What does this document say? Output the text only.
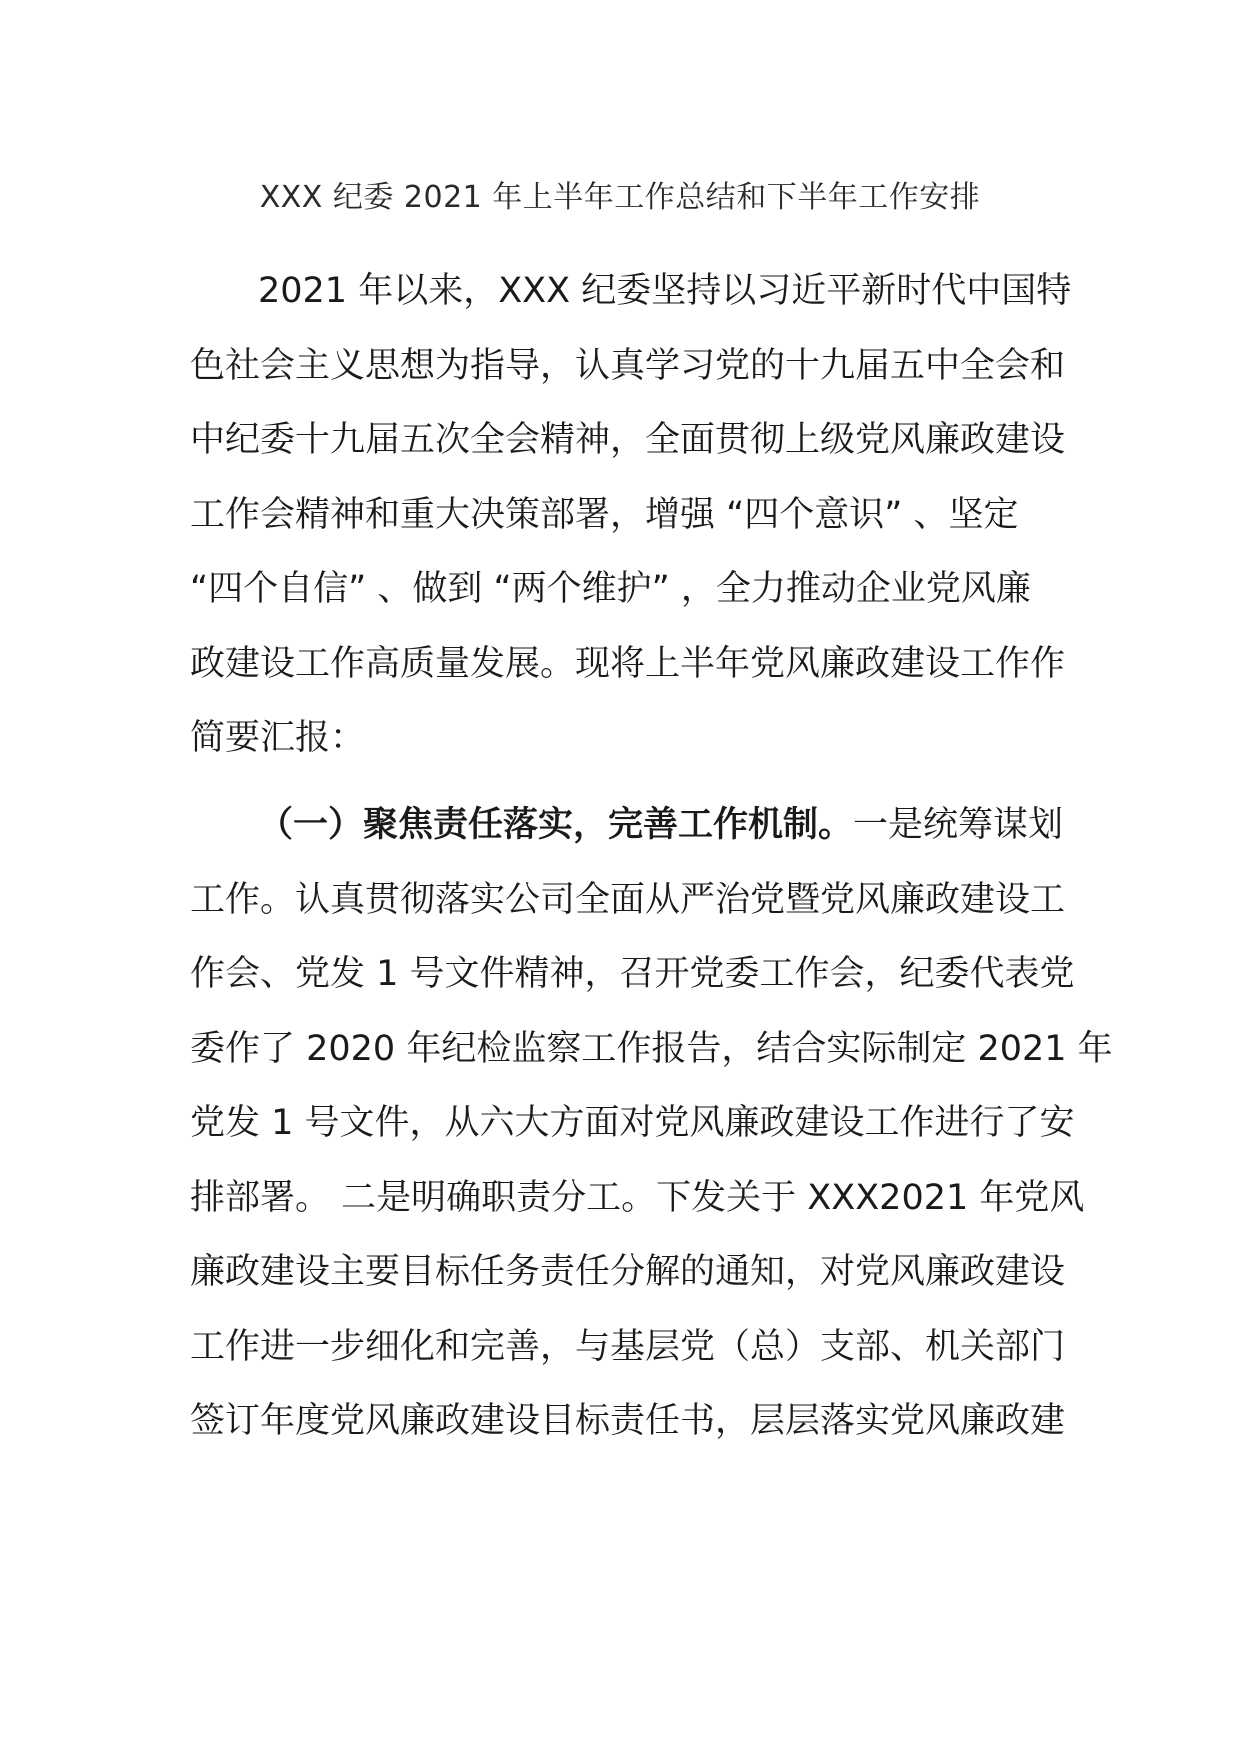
XXX 纪委 2021 年上半年工作总结和下半年工作安排
2021 年以来，XXX 纪委坚持以习近平新时代中国特
色社会主义思想为指导，认真学习党的十九届五中全会和
中纪委十九届五次全会精神，全面贯彻上级党风廉政建设
工作会精神和重大决策部署，增强 “四个意识” 、坚定
“四个自信” 、做到 “两个维护” ，全力推动企业党风廉
政建设工作高质量发展。现将上半年党风廉政建设工作作
简要汇报：
（一）聚焦责任落实，完善工作机制。一是统筹谋划
工作。认真贯彻落实公司全面从严治党暨党风廉政建设工
作会、党发 1 号文件精神，召开党委工作会，纪委代表党
委作了 2020 年纪检监察工作报告，结合实际制定 2021 年
党发 1 号文件，从六大方面对党风廉政建设工作进行了安
排部署。 二是明确职责分工。下发关于 XXX2021 年党风
廉政建设主要目标任务责任分解的通知，对党风廉政建设
工作进一步细化和完善，与基层党（总）支部、机关部门
签订年度党风廉政建设目标责任书，层层落实党风廉政建
